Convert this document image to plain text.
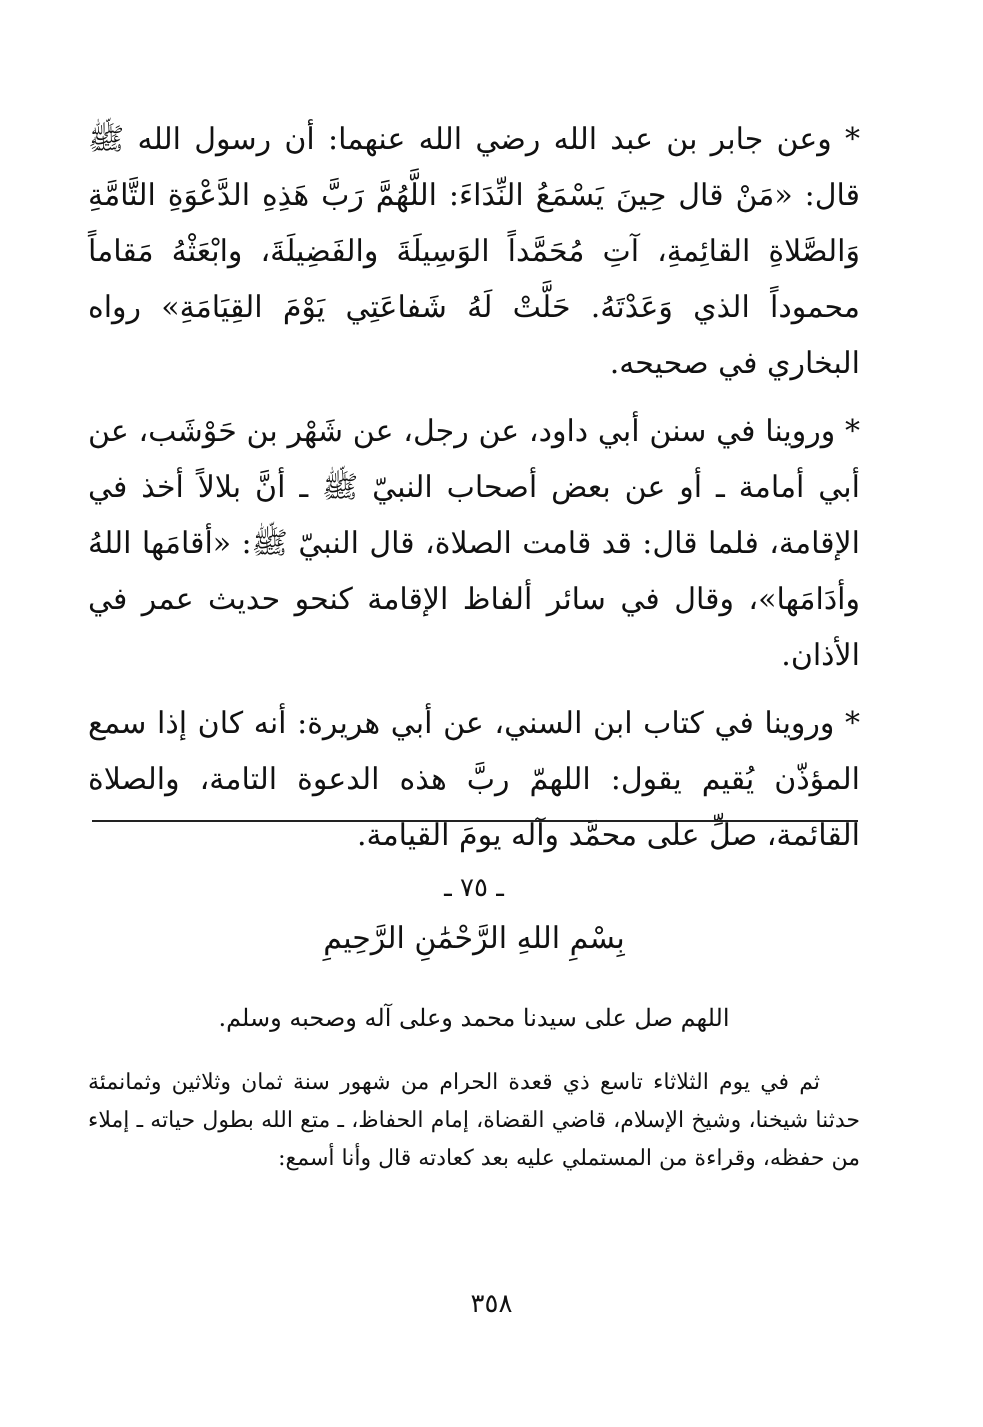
* وعن جابر بن عبد الله رضي الله عنهما: أن رسول الله ﷺ قال: «مَنْ قال حِينَ يَسْمَعُ النِّدَاءَ: اللَّهُمَّ رَبَّ هَذِهِ الدَّعْوَةِ التَّامَّةِ وَالصَّلاةِ القائِمةِ، آتِ مُحَمَّداً الوَسِيلَةَ والفَضِيلَةَ، وابْعَثْهُ مَقاماً محموداً الذي وَعَدْتَهُ. حَلَّتْ لَهُ شَفاعَتِي يَوْمَ القِيَامَةِ» رواه البخاري في صحيحه.

* وروينا في سنن أبي داود، عن رجل، عن شَهْر بن حَوْشَب، عن أبي أمامة ـ أو عن بعض أصحاب النبيّ ﷺ ـ أنَّ بلالاً أخذ في الإقامة، فلما قال: قد قامت الصلاة، قال النبيّ ﷺ: «أقامَها اللهُ وأدَامَها»، وقال في سائر ألفاظ الإقامة كنحو حديث عمر في الأذان.

* وروينا في كتاب ابن السني، عن أبي هريرة: أنه كان إذا سمع المؤذّن يُقيم يقول: اللهمّ ربَّ هذه الدعوة التامة، والصلاة القائمة، صلِّ على محمَّد وآله يومَ القيامة.

ـ ٧٥ ـ

بِسْمِ اللهِ الرَّحْمَٰنِ الرَّحِيمِ

اللهم صل على سيدنا محمد وعلى آله وصحبه وسلم.

ثم في يوم الثلاثاء تاسع ذي قعدة الحرام من شهور سنة ثمان وثلاثين وثمانمئة حدثنا شيخنا، وشيخ الإسلام، قاضي القضاة، إمام الحفاظ، ـ متع الله بطول حياته ـ إملاء من حفظه، وقراءة من المستملي عليه بعد كعادته قال وأنا أسمع:

٣٥٨
